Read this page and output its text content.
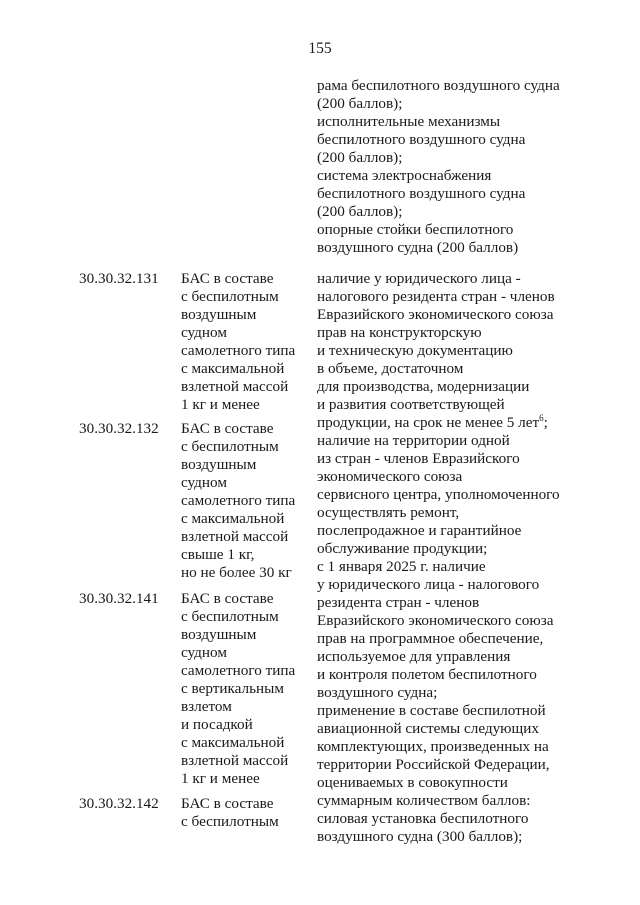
155
рама беспилотного воздушного судна
(200 баллов);
исполнительные механизмы
беспилотного воздушного судна
(200 баллов);
система электроснабжения
беспилотного воздушного судна
(200 баллов);
опорные стойки беспилотного
воздушного судна (200 баллов)
30.30.32.131 БАС в составе
с беспилотным
воздушным
судном
самолетного типа
с максимальной
взлетной массой
1 кг и менее
30.30.32.132 БАС в составе
с беспилотным
воздушным
судном
самолетного типа
с максимальной
взлетной массой
свыше 1 кг,
но не более 30 кг
30.30.32.141 БАС в составе
с беспилотным
воздушным
судном
самолетного типа
с вертикальным
взлетом
и посадкой
с максимальной
взлетной массой
1 кг и менее
30.30.32.142 БАС в составе
с беспилотным
наличие у юридического лица -
налогового резидента стран - членов
Евразийского экономического союза
прав на конструкторскую
и техническую документацию
в объеме, достаточном
для производства, модернизации
и развития соответствующей
продукции, на срок не менее 5 лет$^6$;
наличие на территории одной
из стран - членов Евразийского
экономического союза
сервисного центра, уполномоченного
осуществлять ремонт,
послепродажное и гарантийное
обслуживание продукции;
с 1 января 2025 г. наличие
у юридического лица - налогового
резидента стран - членов
Евразийского экономического союза
прав на программное обеспечение,
используемое для управления
и контроля полетом беспилотного
воздушного судна;
применение в составе беспилотной
авиационной системы следующих
комплектующих, произведенных на
территории Российской Федерации,
оцениваемых в совокупности
суммарным количеством баллов:
силовая установка беспилотного
воздушного судна (300 баллов);
